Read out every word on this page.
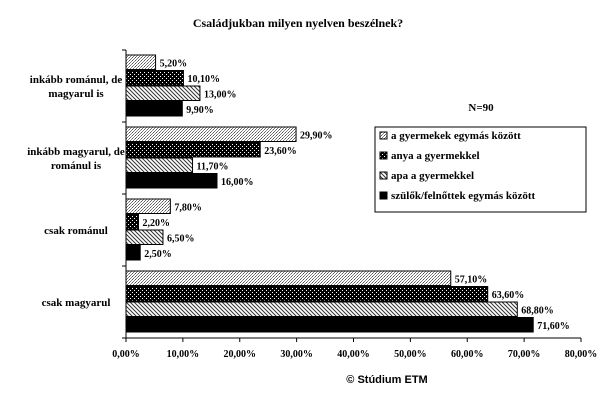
Családjukban milyen nyelven beszélnek?
inkább románul, de
magyarul is
inkább magyarul, de
románul is
csak románul
csak magyarul
5,20%
10,10%
13,00%
9,90%
29,90%
23,60%
11,70%
16,00%
7,80%
2,20%
6,50%
2,50%
57,10%
63,60%
68,80%
71,60%
0,00%	10,00% 20,00% 30,00% 40,00% 50,00% 60,00% 70,00% 80,00%
N=90
a gyermekek egymás között
anya a gyermekkel
apa a gyermekkel
szülők/felnőttek egymás között
© Stúdium ETM
